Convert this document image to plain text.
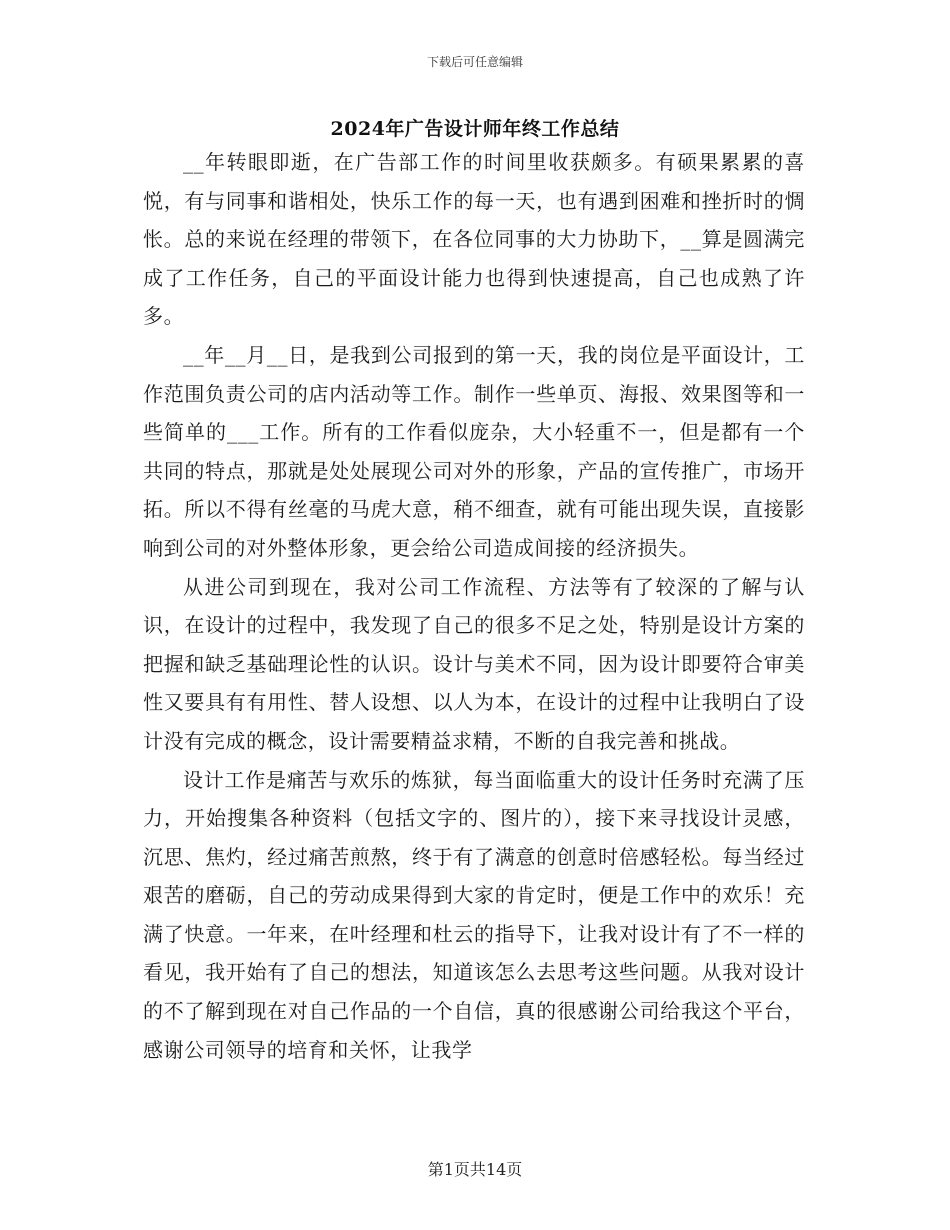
下载后可任意编辑
2024年广告设计师年终工作总结

__年转眼即逝，在广告部工作的时间里收获颇多。有硕果累累的喜悦，有与同事和谐相处，快乐工作的每一天，也有遇到困难和挫折时的惆怅。总的来说在经理的带领下，在各位同事的大力协助下，__算是圆满完成了工作任务，自己的平面设计能力也得到快速提高，自己也成熟了许多。

__年__月__日，是我到公司报到的第一天，我的岗位是平面设计，工作范围负责公司的店内活动等工作。制作一些单页、海报、效果图等和一些简单的___工作。所有的工作看似庞杂，大小轻重不一，但是都有一个共同的特点，那就是处处展现公司对外的形象，产品的宣传推广，市场开拓。所以不得有丝毫的马虎大意，稍不细查，就有可能出现失误，直接影响到公司的对外整体形象，更会给公司造成间接的经济损失。

从进公司到现在，我对公司工作流程、方法等有了较深的了解与认识，在设计的过程中，我发现了自己的很多不足之处，特别是设计方案的把握和缺乏基础理论性的认识。设计与美术不同，因为设计即要符合审美性又要具有有用性、替人设想、以人为本，在设计的过程中让我明白了设计没有完成的概念，设计需要精益求精，不断的自我完善和挑战。

设计工作是痛苦与欢乐的炼狱，每当面临重大的设计任务时充满了压力，开始搜集各种资料（包括文字的、图片的），接下来寻找设计灵感，沉思、焦灼，经过痛苦煎熬，终于有了满意的创意时倍感轻松。每当经过艰苦的磨砺，自己的劳动成果得到大家的肯定时，便是工作中的欢乐！充满了快意。一年来，在叶经理和杜云的指导下，让我对设计有了不一样的看见，我开始有了自己的想法，知道该怎么去思考这些问题。从我对设计的不了解到现在对自己作品的一个自信，真的很感谢公司给我这个平台，感谢公司领导的培育和关怀，让我学

第1页共14页
